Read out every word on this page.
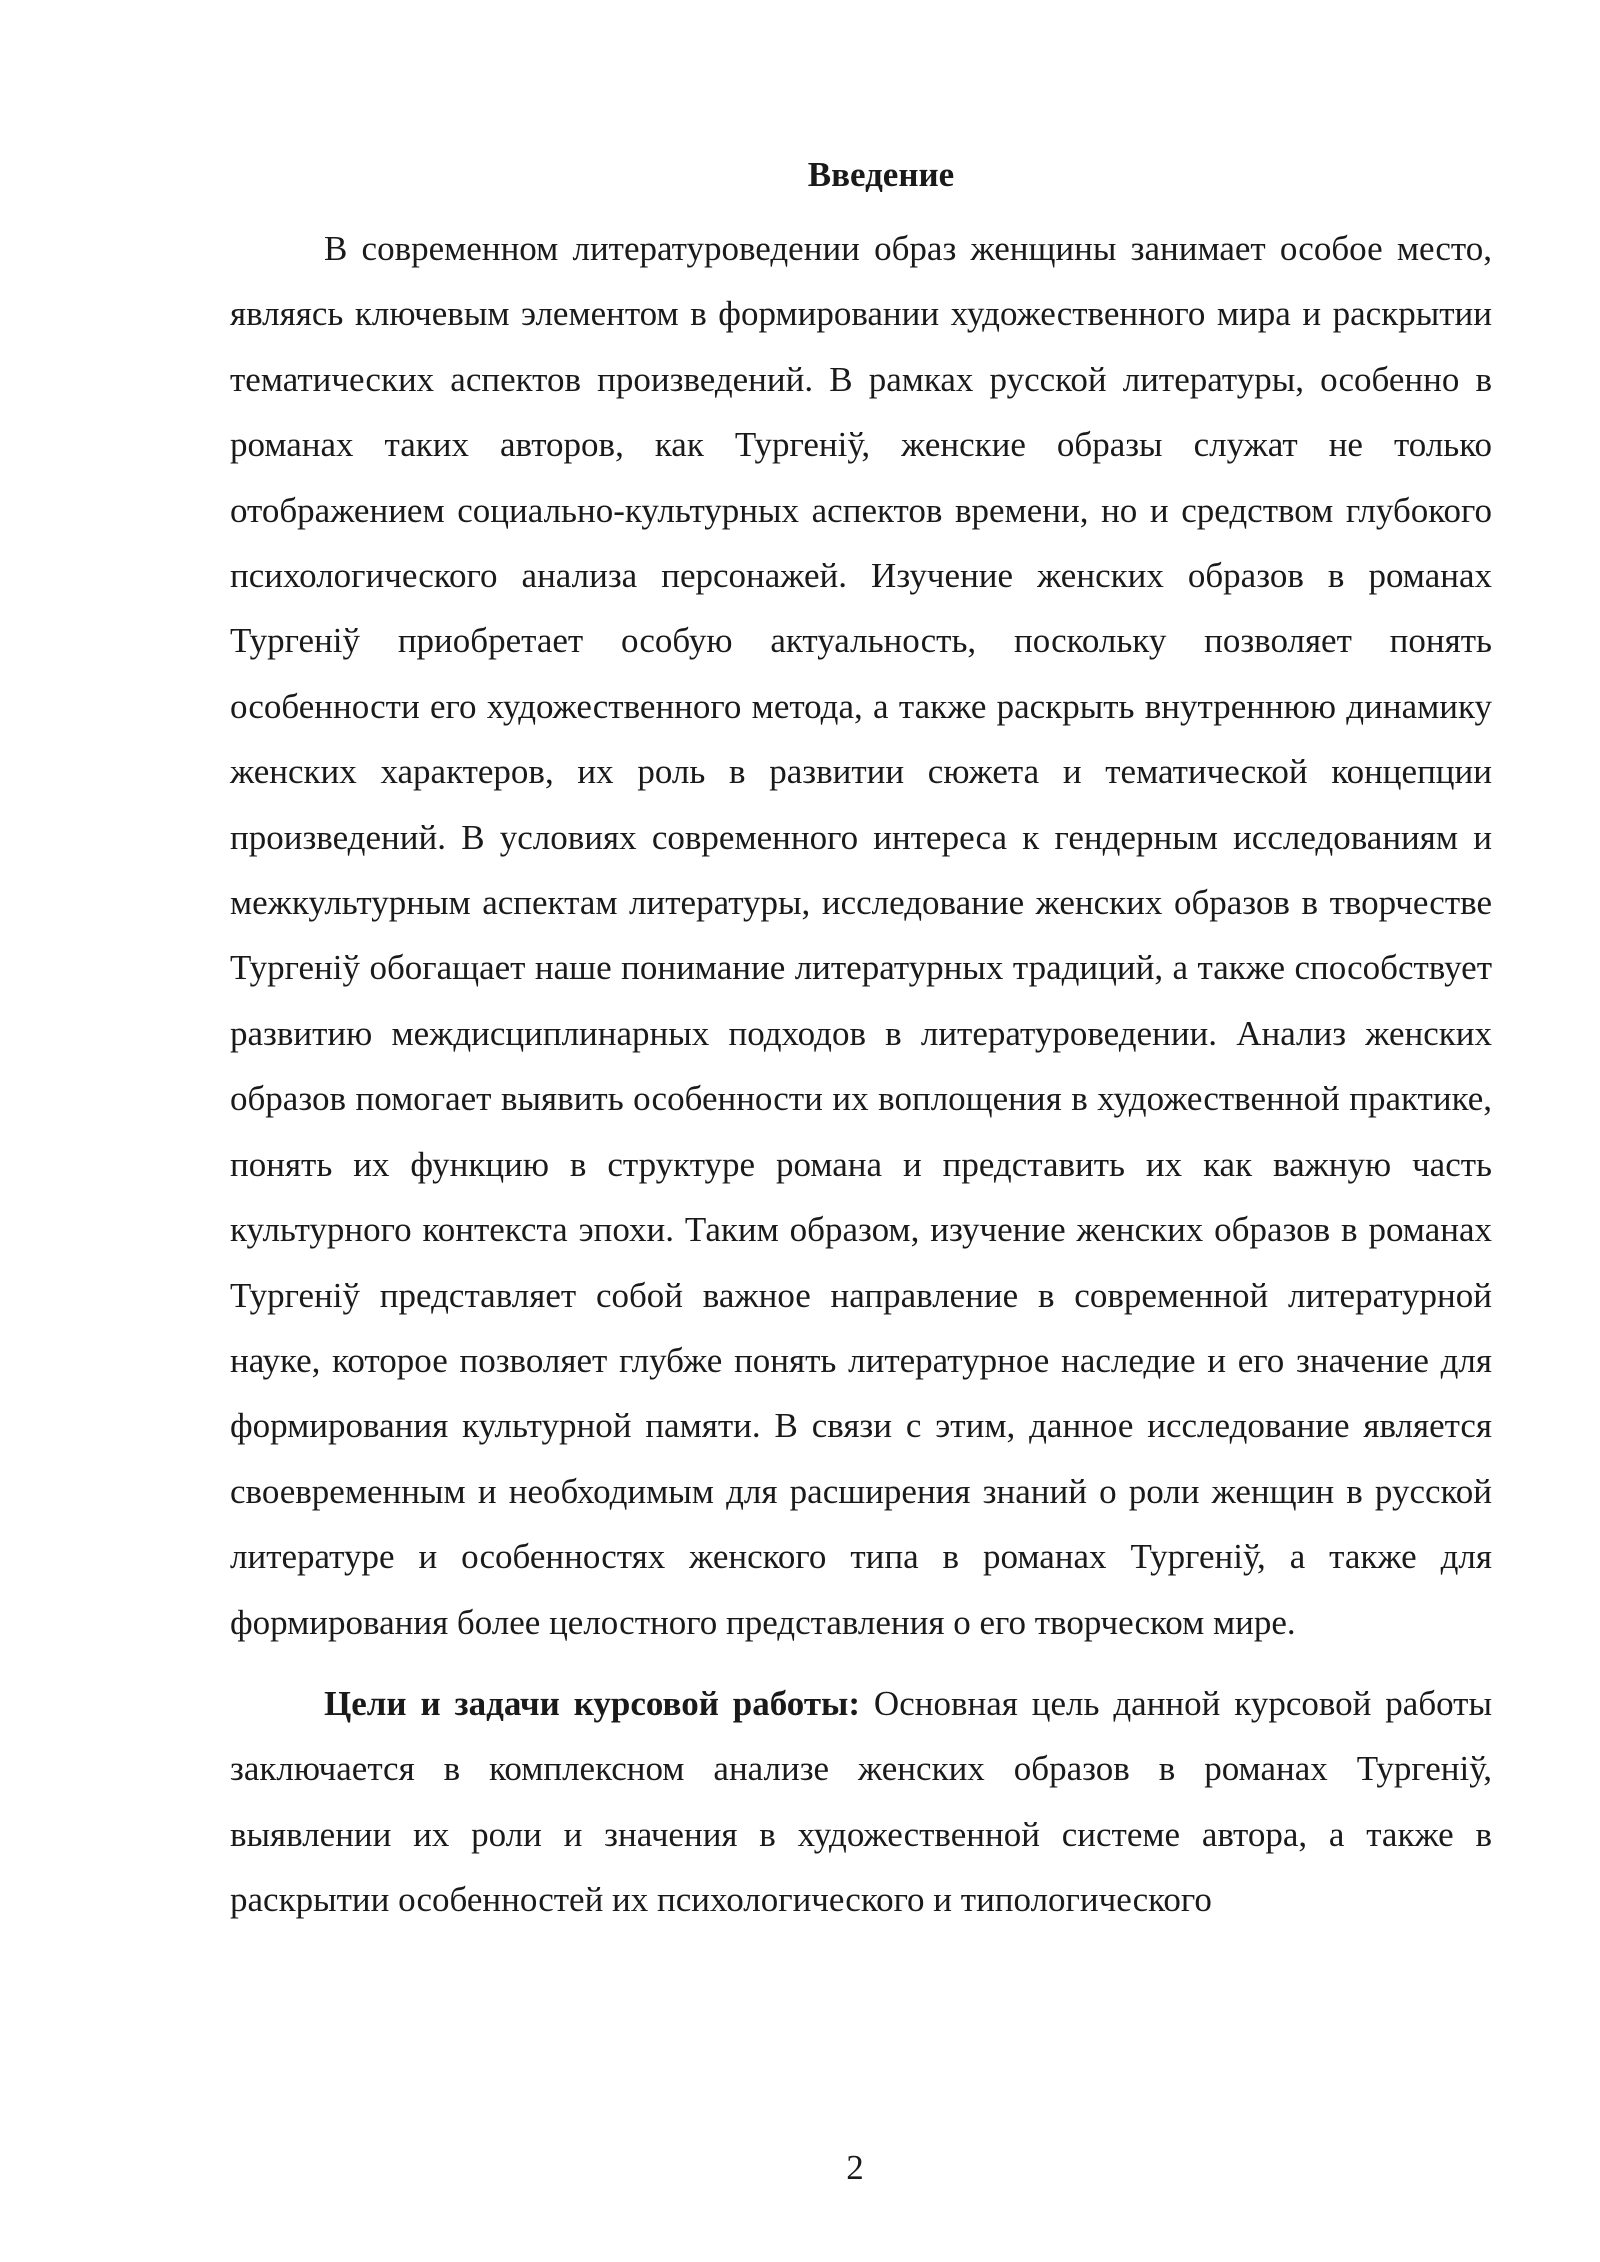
Введение

В современном литературоведении образ женщины занимает особое место, являясь ключевым элементом в формировании художественного мира и раскрытии тематических аспектов произведений. В рамках русской литературы, особенно в романах таких авторов, как Тургеніў, женские образы служат не только отображением социально-культурных аспектов времени, но и средством глубокого психологического анализа персонажей. Изучение женских образов в романах Тургеніў приобретает особую актуальность, поскольку позволяет понять особенности его художественного метода, а также раскрыть внутреннюю динамику женских характеров, их роль в развитии сюжета и тематической концепции произведений. В условиях современного интереса к гендерным исследованиям и межкультурным аспектам литературы, исследование женских образов в творчестве Тургеніў обогащает наше понимание литературных традиций, а также способствует развитию междисциплинарных подходов в литературоведении. Анализ женских образов помогает выявить особенности их воплощения в художественной практике, понять их функцию в структуре романа и представить их как важную часть культурного контекста эпохи. Таким образом, изучение женских образов в романах Тургеніў представляет собой важное направление в современной литературной науке, которое позволяет глубже понять литературное наследие и его значение для формирования культурной памяти. В связи с этим, данное исследование является своевременным и необходимым для расширения знаний о роли женщин в русской литературе и особенностях женского типа в романах Тургеніў, а также для формирования более целостного представления о его творческом мире.

Цели и задачи курсовой работы: Основная цель данной курсовой работы заключается в комплексном анализе женских образов в романах Тургеніў, выявлении их роли и значения в художественной системе автора, а также в раскрытии особенностей их психологического и типологического

2
